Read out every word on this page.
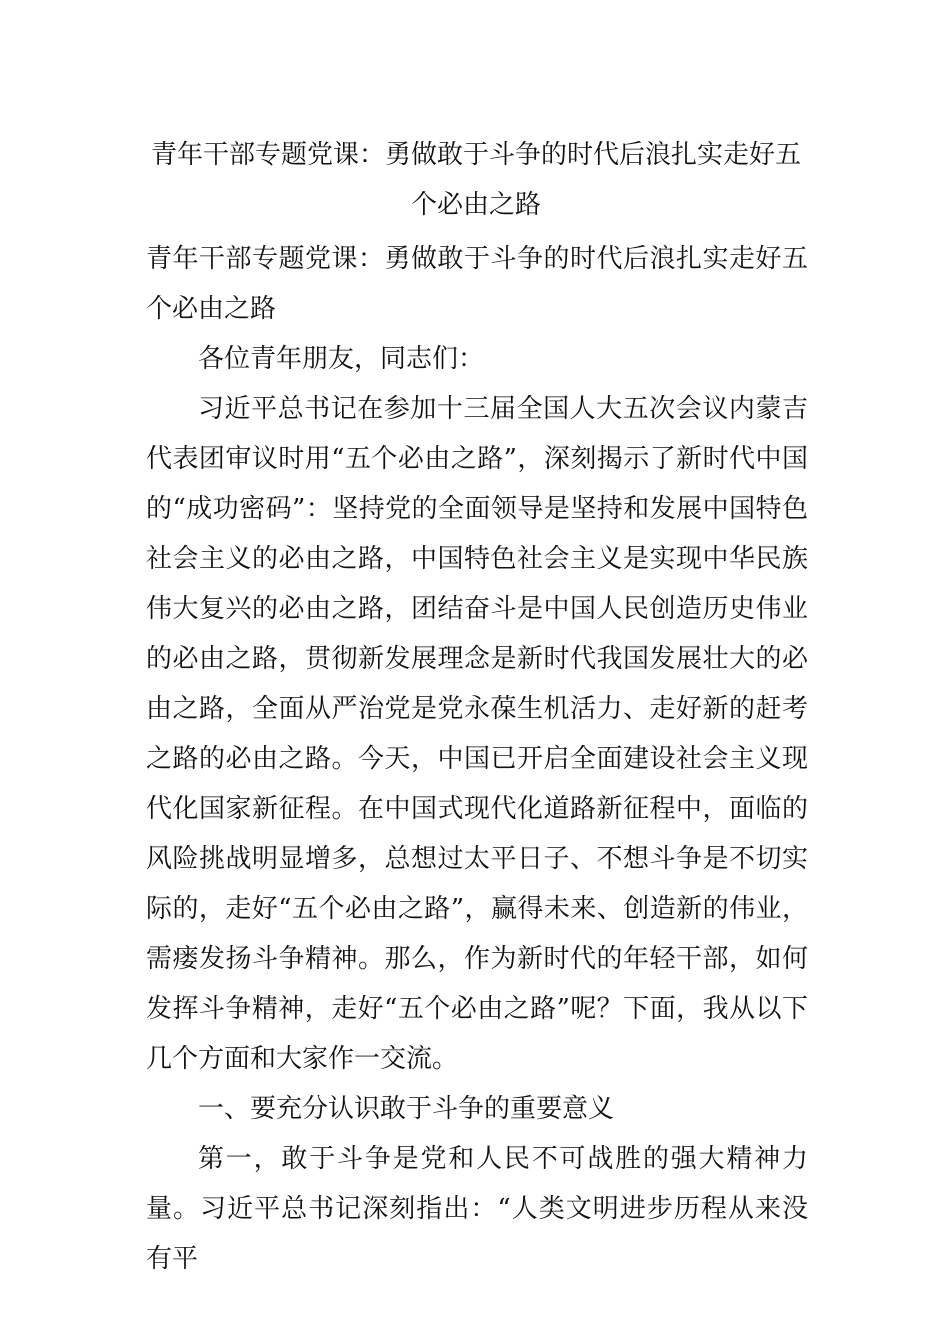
青年干部专题党课：勇做敢于斗争的时代后浪扎实走好五个必由之路

青年干部专题党课：勇做敢于斗争的时代后浪扎实走好五个必由之路

各位青年朋友，同志们：

习近平总书记在参加十三届全国人大五次会议内蒙吉代表团审议时用“五个必由之路”，深刻揭示了新时代中国的“成功密码”：坚持党的全面领导是坚持和发展中国特色社会主义的必由之路，中国特色社会主义是实现中华民族伟大复兴的必由之路，团结奋斗是中国人民创造历史伟业的必由之路，贯彻新发展理念是新时代我国发展壮大的必由之路，全面从严治党是党永葆生机活力、走好新的赶考之路的必由之路。今天，中国已开启全面建设社会主义现代化国家新征程。在中国式现代化道路新征程中，面临的风险挑战明显增多，总想过太平日子、不想斗争是不切实际的，走好“五个必由之路”，赢得未来、创造新的伟业，需瘘发扬斗争精神。那么，作为新时代的年轻干部，如何发挥斗争精神，走好“五个必由之路”呢？下面，我从以下几个方面和大家作一交流。

一、要充分认识敢于斗争的重要意义

第一，敢于斗争是党和人民不可战胜的强大精神力量。习近平总书记深刻指出：“人类文明进步历程从来没有平
